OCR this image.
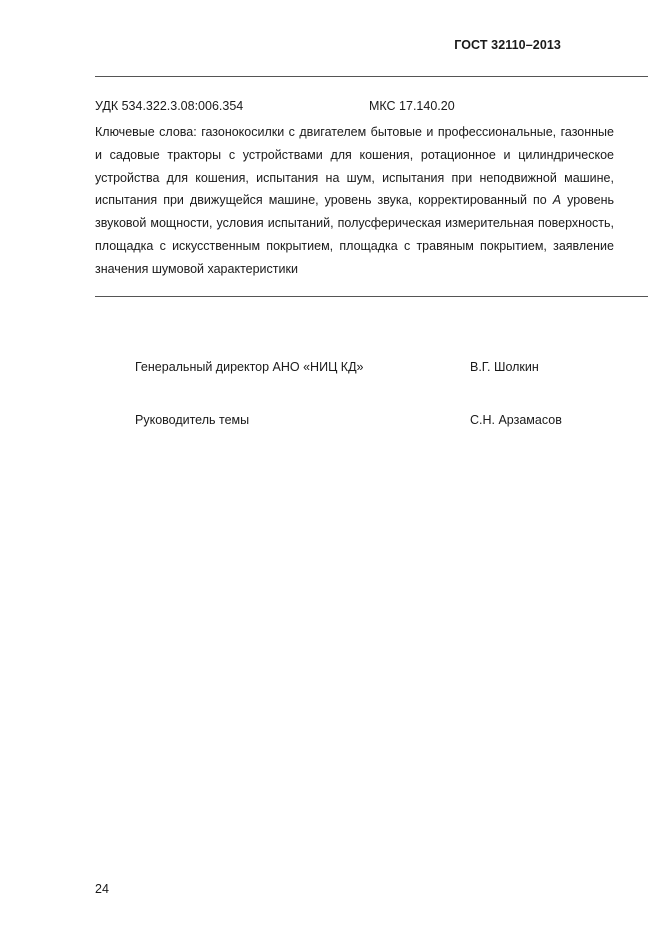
ГОСТ 32110–2013
УДК 534.322.3.08:006.354	МКС 17.140.20
Ключевые слова: газонокосилки с двигателем бытовые и профессиональные, газонные и садовые тракторы с устройствами для кошения, ротационное и цилиндрическое устройства для кошения, испытания на шум, испытания при неподвижной машине, испытания при движущейся машине, уровень звука, корректированный по А уровень звуковой мощности, условия испытаний, полусферическая измерительная поверхность, площадка с искусственным покрытием, площадка с травяным покрытием, заявление значения шумовой характеристики
Генеральный директор АНО «НИЦ КД»	В.Г. Шолкин
Руководитель темы	С.Н. Арзамасов
24
